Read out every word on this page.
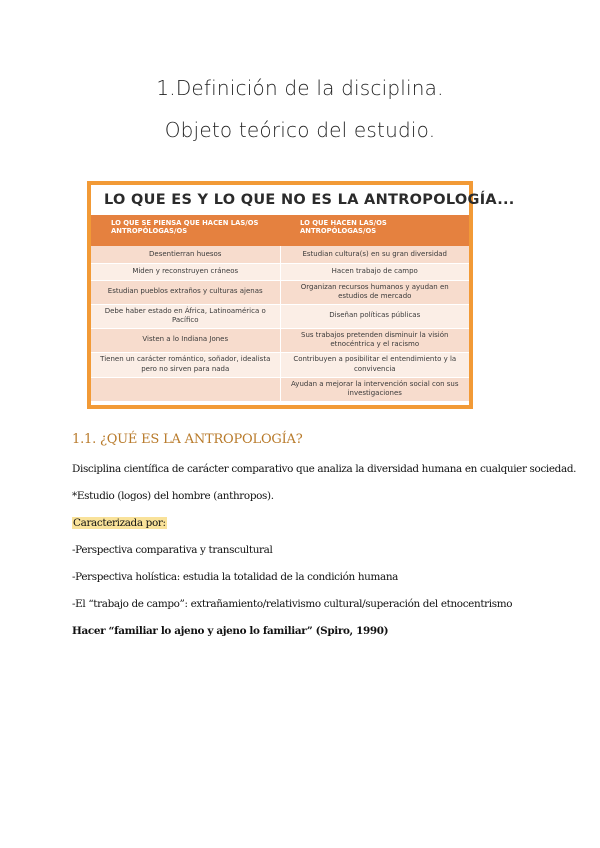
1.Definición de la disciplina.
Objeto teórico del estudio.
LO QUE ES Y LO QUE NO ES LA ANTROPOLOGÍA...
LO QUE SE PIENSA QUE HACEN LAS/OS ANTROPÓLOGAS/OS	LO QUE HACEN LAS/OS ANTROPÓLOGAS/OS
Desentierran huesos	Estudian cultura(s) en su gran diversidad
Miden y reconstruyen cráneos	Hacen trabajo de campo
Estudian pueblos extraños y culturas ajenas	Organizan recursos humanos y ayudan en estudios de mercado
Debe haber estado en África, Latinoamérica o Pacífico	Diseñan políticas públicas
Visten a lo Indiana Jones	Sus trabajos pretenden disminuir la visión etnocéntrica y el racismo
Tienen un carácter romántico, soñador, idealista pero no sirven para nada	Contribuyen a posibilitar el entendimiento y la convivencia
	Ayudan a mejorar la intervención social con sus investigaciones
1.1. ¿QUÉ ES LA ANTROPOLOGÍA?
Disciplina científica de carácter comparativo que analiza la diversidad humana en cualquier sociedad.
*Estudio (logos) del hombre (anthropos).
Caracterizada por:
-Perspectiva comparativa y transcultural
-Perspectiva holística: estudia la totalidad de la condición humana
-El “trabajo de campo”: extrañamiento/relativismo cultural/superación del etnocentrismo
Hacer “familiar lo ajeno y ajeno lo familiar” (Spiro, 1990)
